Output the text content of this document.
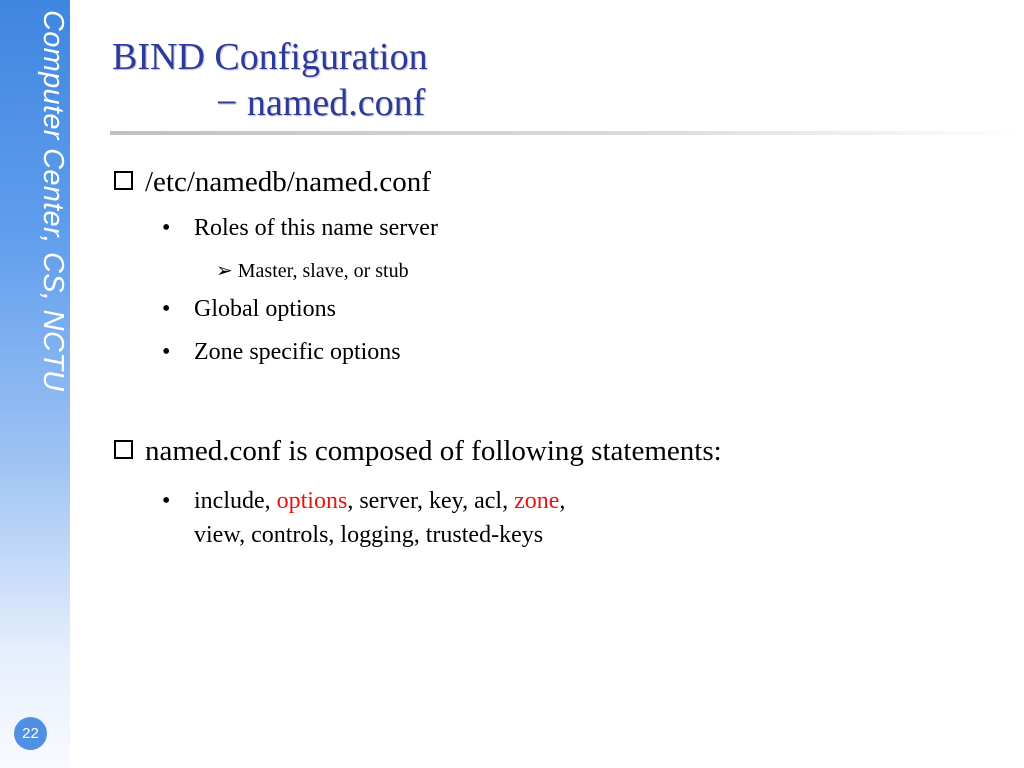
Computer Center, CS, NCTU
22
BIND Configuration
− named.conf
/etc/namedb/named.conf
• Roles of this name server
➢ Master, slave, or stub
• Global options
• Zone specific options
named.conf is composed of following statements:
• include, options, server, key, acl, zone,
view, controls, logging, trusted-keys
